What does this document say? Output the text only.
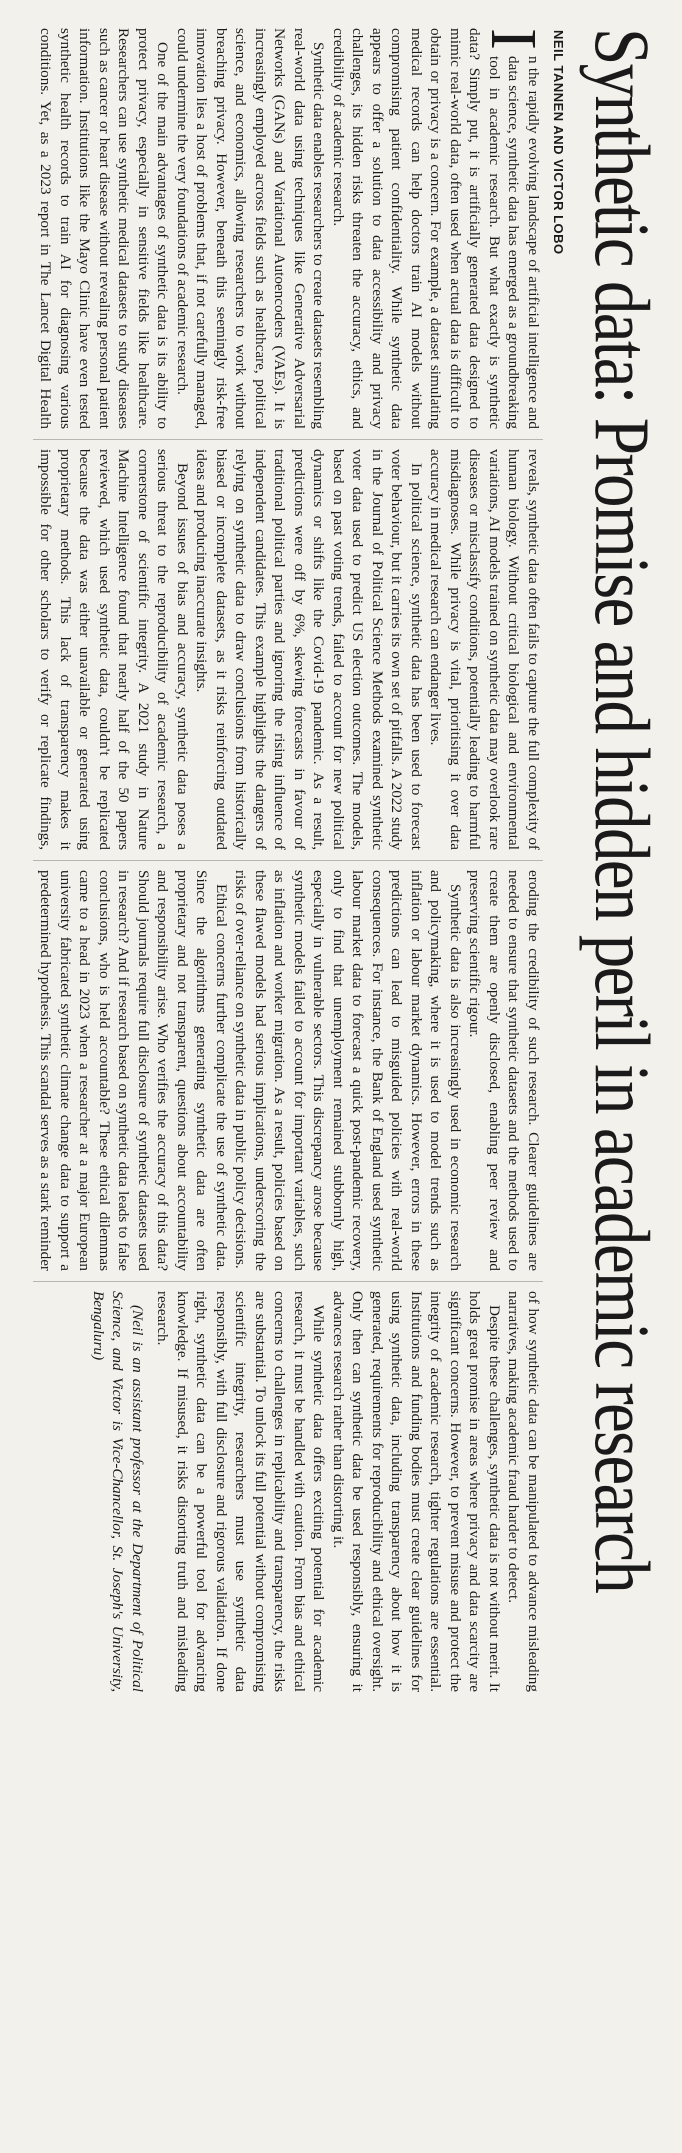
Synthetic data: Promise and hidden peril in academic research
NEIL TANNEN AND VICTOR LOBO

In the rapidly evolving landscape of artificial intelligence and data science, synthetic data has emerged as a groundbreaking tool in academic research. But what exactly is synthetic data? Simply put, it is artificially generated data designed to mimic real-world data, often used when actual data is difficult to obtain or privacy is a concern. For example, a dataset simulating medical records can help doctors train AI models without compromising patient confidentiality. While synthetic data appears to offer a solution to data accessibility and privacy challenges, its hidden risks threaten the accuracy, ethics, and credibility of academic research.

Synthetic data enables researchers to create datasets resembling real-world data using techniques like Generative Adversarial Networks (GANs) and Variational Autoencoders (VAEs). It is increasingly employed across fields such as healthcare, political science, and economics, allowing researchers to work without breaching privacy. However, beneath this seemingly risk-free innovation lies a host of problems that, if not carefully managed, could undermine the very foundations of academic research.

One of the main advantages of synthetic data is its ability to protect privacy, especially in sensitive fields like healthcare. Researchers can use synthetic medical datasets to study diseases such as cancer or heart disease without revealing personal patient information. Institutions like the Mayo Clinic have even tested synthetic health records to train AI for diagnosing various conditions. Yet, as a 2023 report in The Lancet Digital Health reveals, synthetic data often fails to capture the full complexity of human biology. Without critical biological and environmental variations, AI models trained on synthetic data may overlook rare diseases or misclassify conditions, potentially leading to harmful misdiagnoses. While privacy is vital, prioritising it over data accuracy in medical research can endanger lives.

In political science, synthetic data has been used to forecast voter behaviour, but it carries its own set of pitfalls. A 2022 study in the Journal of Political Science Methods examined synthetic voter data used to predict US election outcomes. The models, based on past voting trends, failed to account for new political dynamics or shifts like the Covid-19 pandemic. As a result, predictions were off by 6%, skewing forecasts in favour of traditional political parties and ignoring the rising influence of independent candidates. This example highlights the dangers of relying on synthetic data to draw conclusions from historically biased or incomplete datasets, as it risks reinforcing outdated ideas and producing inaccurate insights.

Beyond issues of bias and accuracy, synthetic data poses a serious threat to the reproducibility of academic research, a cornerstone of scientific integrity. A 2021 study in Nature Machine Intelligence found that nearly half of the 50 papers reviewed, which used synthetic data, couldn't be replicated because the data was either unavailable or generated using proprietary methods. This lack of transparency makes it impossible for other scholars to verify or replicate findings, eroding the credibility of such research. Clearer guidelines are needed to ensure that synthetic datasets and the methods used to create them are openly disclosed, enabling peer review and preserving scientific rigour.

Synthetic data is also increasingly used in economic research and policymaking, where it is used to model trends such as inflation or labour market dynamics. However, errors in these predictions can lead to misguided policies with real-world consequences. For instance, the Bank of England used synthetic labour market data to forecast a quick post-pandemic recovery, only to find that unemployment remained stubbornly high, especially in vulnerable sectors. This discrepancy arose because synthetic models failed to account for important variables, such as inflation and worker migration. As a result, policies based on these flawed models had serious implications, underscoring the risks of over-reliance on synthetic data in public policy decisions.

Ethical concerns further complicate the use of synthetic data. Since the algorithms generating synthetic data are often proprietary and not transparent, questions about accountability and responsibility arise. Who verifies the accuracy of this data? Should journals require full disclosure of synthetic datasets used in research? And if research based on synthetic data leads to false conclusions, who is held accountable? These ethical dilemmas came to a head in 2023 when a researcher at a major European university fabricated synthetic climate change data to support a predetermined hypothesis. This scandal serves as a stark reminder of how synthetic data can be manipulated to advance misleading narratives, making academic fraud harder to detect.

Despite these challenges, synthetic data is not without merit. It holds great promise in areas where privacy and data scarcity are significant concerns. However, to prevent misuse and protect the integrity of academic research, tighter regulations are essential. Institutions and funding bodies must create clear guidelines for using synthetic data, including transparency about how it is generated, requirements for reproducibility and ethical oversight. Only then can synthetic data be used responsibly, ensuring it advances research rather than distorting it.

While synthetic data offers exciting potential for academic research, it must be handled with caution. From bias and ethical concerns to challenges in replicability and transparency, the risks are substantial. To unlock its full potential without compromising scientific integrity, researchers must use synthetic data responsibly, with full disclosure and rigorous validation. If done right, synthetic data can be a powerful tool for advancing knowledge. If misused, it risks distorting truth and misleading research.

(Neil is an assistant professor at the Department of Political Science, and Victor is Vice-Chancellor, St. Joseph's University, Bengaluru)
